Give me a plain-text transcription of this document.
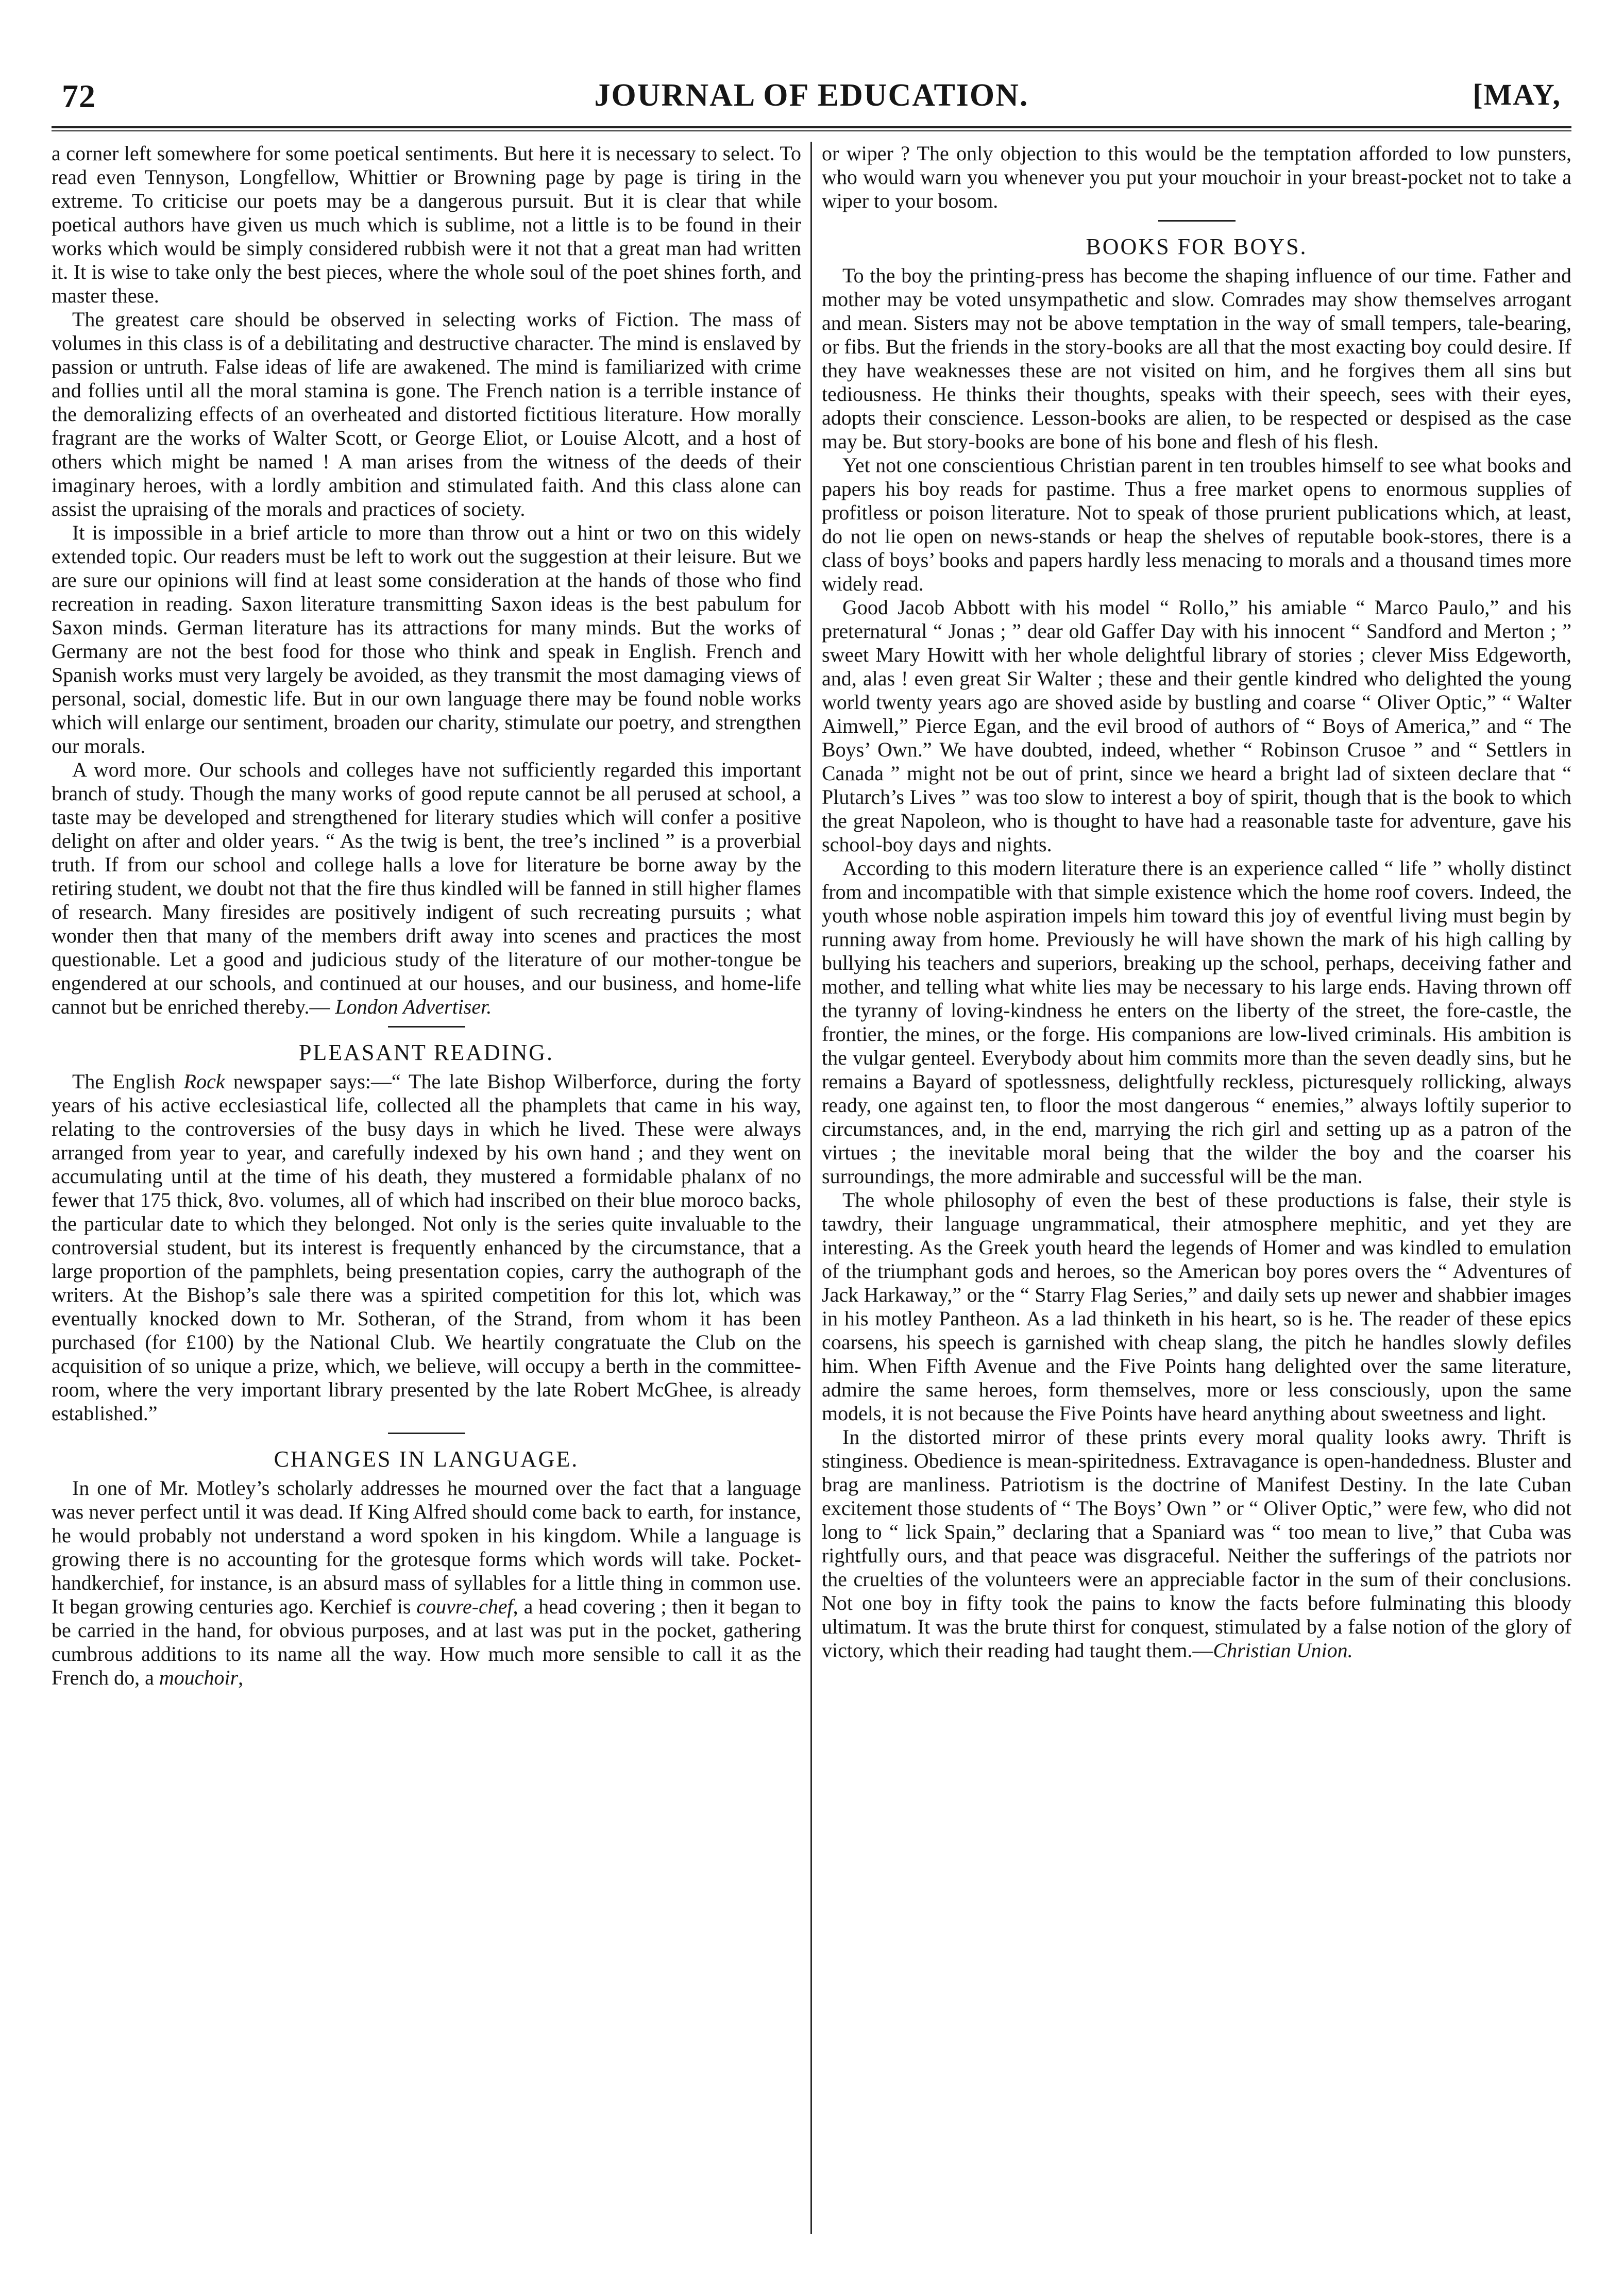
72	JOURNAL OF EDUCATION.	[MAY,

a corner left somewhere for some poetical sentiments. But here it is necessary to select. To read even Tennyson, Longfellow, Whittier or Browning page by page is tiring in the extreme. To criticise our poets may be a dangerous pursuit. But it is clear that while poetical authors have given us much which is sublime, not a little is to be found in their works which would be simply considered rubbish were it not that a great man had written it. It is wise to take only the best pieces, where the whole soul of the poet shines forth, and master these.

The greatest care should be observed in selecting works of Fiction. The mass of volumes in this class is of a debilitating and destructive character. The mind is enslaved by passion or untruth. False ideas of life are awakened. The mind is familiarized with crime and follies until all the moral stamina is gone. The French nation is a terrible instance of the demoralizing effects of an overheated and distorted fictitious literature. How morally fragrant are the works of Walter Scott, or George Eliot, or Louise Alcott, and a host of others which might be named ! A man arises from the witness of the deeds of their imaginary heroes, with a lordly ambition and stimulated faith. And this class alone can assist the upraising of the morals and practices of society.

It is impossible in a brief article to more than throw out a hint or two on this widely extended topic. Our readers must be left to work out the suggestion at their leisure. But we are sure our opinions will find at least some consideration at the hands of those who find recreation in reading. Saxon literature transmitting Saxon ideas is the best pabulum for Saxon minds. German literature has its attractions for many minds. But the works of Germany are not the best food for those who think and speak in English. French and Spanish works must very largely be avoided, as they transmit the most damaging views of personal, social, domestic life. But in our own language there may be found noble works which will enlarge our sentiment, broaden our charity, stimulate our poetry, and strengthen our morals.

A word more. Our schools and colleges have not sufficiently regarded this important branch of study. Though the many works of good repute cannot be all perused at school, a taste may be developed and strengthened for literary studies which will confer a positive delight on after and older years. “ As the twig is bent, the tree’s inclined ” is a proverbial truth. If from our school and college halls a love for literature be borne away by the retiring student, we doubt not that the fire thus kindled will be fanned in still higher flames of research. Many firesides are positively indigent of such recreating pursuits ; what wonder then that many of the members drift away into scenes and practices the most questionable. Let a good and judicious study of the literature of our mother-tongue be engendered at our schools, and continued at our houses, and our business, and home-life cannot but be enriched thereby.— London Advertiser.

PLEASANT READING.

The English Rock newspaper says:—“ The late Bishop Wilberforce, during the forty years of his active ecclesiastical life, collected all the phamplets that came in his way, relating to the controversies of the busy days in which he lived. These were always arranged from year to year, and carefully indexed by his own hand ; and they went on accumulating until at the time of his death, they mustered a formidable phalanx of no fewer that 175 thick, 8vo. volumes, all of which had inscribed on their blue moroco backs, the particular date to which they belonged. Not only is the series quite invaluable to the controversial student, but its interest is frequently enhanced by the circumstance, that a large proportion of the pamphlets, being presentation copies, carry the authograph of the writers. At the Bishop’s sale there was a spirited competition for this lot, which was eventually knocked down to Mr. Sotheran, of the Strand, from whom it has been purchased (for £100) by the National Club. We heartily congratuate the Club on the acquisition of so unique a prize, which, we believe, will occupy a berth in the committee-room, where the very important library presented by the late Robert McGhee, is already established.”

CHANGES IN LANGUAGE.

In one of Mr. Motley’s scholarly addresses he mourned over the fact that a language was never perfect until it was dead. If King Alfred should come back to earth, for instance, he would probably not understand a word spoken in his kingdom. While a language is growing there is no accounting for the grotesque forms which words will take. Pocket-handkerchief, for instance, is an absurd mass of syllables for a little thing in common use. It began growing centuries ago. Kerchief is couvre-chef, a head covering ; then it began to be carried in the hand, for obvious purposes, and at last was put in the pocket, gathering cumbrous additions to its name all the way. How much more sensible to call it as the French do, a mouchoir,

or wiper ? The only objection to this would be the temptation afforded to low punsters, who would warn you whenever you put your mouchoir in your breast-pocket not to take a wiper to your bosom.

BOOKS FOR BOYS.

To the boy the printing-press has become the shaping influence of our time. Father and mother may be voted unsympathetic and slow. Comrades may show themselves arrogant and mean. Sisters may not be above temptation in the way of small tempers, tale-bearing, or fibs. But the friends in the story-books are all that the most exacting boy could desire. If they have weaknesses these are not visited on him, and he forgives them all sins but tediousness. He thinks their thoughts, speaks with their speech, sees with their eyes, adopts their conscience. Lesson-books are alien, to be respected or despised as the case may be. But story-books are bone of his bone and flesh of his flesh.

Yet not one conscientious Christian parent in ten troubles himself to see what books and papers his boy reads for pastime. Thus a free market opens to enormous supplies of profitless or poison literature. Not to speak of those prurient publications which, at least, do not lie open on news-stands or heap the shelves of reputable book-stores, there is a class of boys’ books and papers hardly less menacing to morals and a thousand times more widely read.

Good Jacob Abbott with his model “ Rollo,” his amiable “ Marco Paulo,” and his preternatural “ Jonas ; ” dear old Gaffer Day with his innocent “ Sandford and Merton ; ” sweet Mary Howitt with her whole delightful library of stories ; clever Miss Edgeworth, and, alas ! even great Sir Walter ; these and their gentle kindred who delighted the young world twenty years ago are shoved aside by bustling and coarse “ Oliver Optic,” “ Walter Aimwell,” Pierce Egan, and the evil brood of authors of “ Boys of America,” and “ The Boys’ Own.” We have doubted, indeed, whether “ Robinson Crusoe ” and “ Settlers in Canada ” might not be out of print, since we heard a bright lad of sixteen declare that “ Plutarch’s Lives ” was too slow to interest a boy of spirit, though that is the book to which the great Napoleon, who is thought to have had a reasonable taste for adventure, gave his school-boy days and nights.

According to this modern literature there is an experience called “ life ” wholly distinct from and incompatible with that simple existence which the home roof covers. Indeed, the youth whose noble aspiration impels him toward this joy of eventful living must begin by running away from home. Previously he will have shown the mark of his high calling by bullying his teachers and superiors, breaking up the school, perhaps, deceiving father and mother, and telling what white lies may be necessary to his large ends. Having thrown off the tyranny of loving-kindness he enters on the liberty of the street, the fore-castle, the frontier, the mines, or the forge. His companions are low-lived criminals. His ambition is the vulgar genteel. Everybody about him commits more than the seven deadly sins, but he remains a Bayard of spotlessness, delightfully reckless, picturesquely rollicking, always ready, one against ten, to floor the most dangerous “ enemies,” always loftily superior to circumstances, and, in the end, marrying the rich girl and setting up as a patron of the virtues ; the inevitable moral being that the wilder the boy and the coarser his surroundings, the more admirable and successful will be the man.

The whole philosophy of even the best of these productions is false, their style is tawdry, their language ungrammatical, their atmosphere mephitic, and yet they are interesting. As the Greek youth heard the legends of Homer and was kindled to emulation of the triumphant gods and heroes, so the American boy pores overs the “ Adventures of Jack Harkaway,” or the “ Starry Flag Series,” and daily sets up newer and shabbier images in his motley Pantheon. As a lad thinketh in his heart, so is he. The reader of these epics coarsens, his speech is garnished with cheap slang, the pitch he handles slowly defiles him. When Fifth Avenue and the Five Points hang delighted over the same literature, admire the same heroes, form themselves, more or less consciously, upon the same models, it is not because the Five Points have heard anything about sweetness and light.

In the distorted mirror of these prints every moral quality looks awry. Thrift is stinginess. Obedience is mean-spiritedness. Extravagance is open-handedness. Bluster and brag are manliness. Patriotism is the doctrine of Manifest Destiny. In the late Cuban excitement those students of “ The Boys’ Own ” or “ Oliver Optic,” were few, who did not long to “ lick Spain,” declaring that a Spaniard was “ too mean to live,” that Cuba was rightfully ours, and that peace was disgraceful. Neither the sufferings of the patriots nor the cruelties of the volunteers were an appreciable factor in the sum of their conclusions. Not one boy in fifty took the pains to know the facts before fulminating this bloody ultimatum. It was the brute thirst for conquest, stimulated by a false notion of the glory of victory, which their reading had taught them.—Christian Union.
